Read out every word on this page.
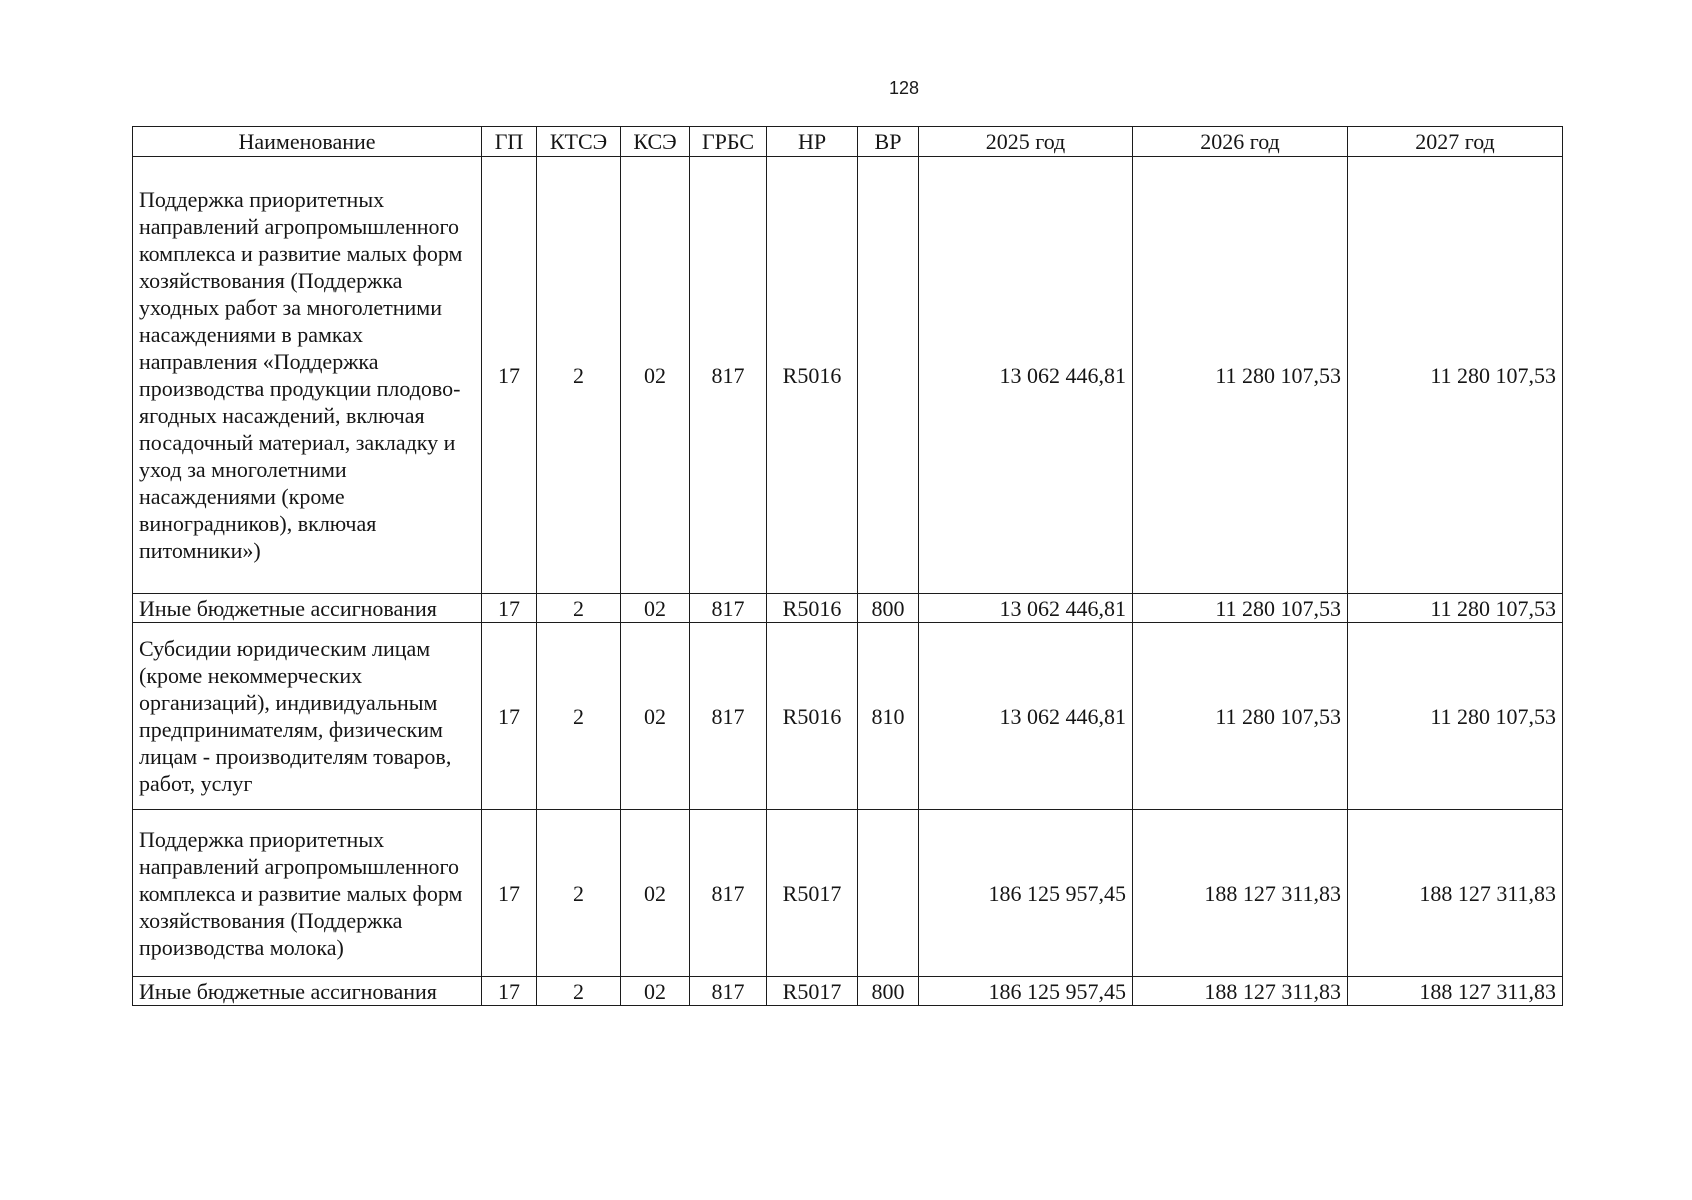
128
Наименование	ГП	КТСЭ	КСЭ	ГРБС	НР	ВР	2025 год	2026 год	2027 год
Поддержка приоритетных направлений агропромышленного комплекса и развитие малых форм хозяйствования (Поддержка уходных работ за многолетними насаждениями в рамках направления «Поддержка производства продукции плодово-ягодных насаждений, включая посадочный материал, закладку и уход за многолетними насаждениями (кроме виноградников), включая питомники»)	17	2	02	817	R5016		13 062 446,81	11 280 107,53	11 280 107,53
Иные бюджетные ассигнования	17	2	02	817	R5016	800	13 062 446,81	11 280 107,53	11 280 107,53
Субсидии юридическим лицам (кроме некоммерческих организаций), индивидуальным предпринимателям, физическим лицам - производителям товаров, работ, услуг	17	2	02	817	R5016	810	13 062 446,81	11 280 107,53	11 280 107,53
Поддержка приоритетных направлений агропромышленного комплекса и развитие малых форм хозяйствования (Поддержка производства молока)	17	2	02	817	R5017		186 125 957,45	188 127 311,83	188 127 311,83
Иные бюджетные ассигнования	17	2	02	817	R5017	800	186 125 957,45	188 127 311,83	188 127 311,83
